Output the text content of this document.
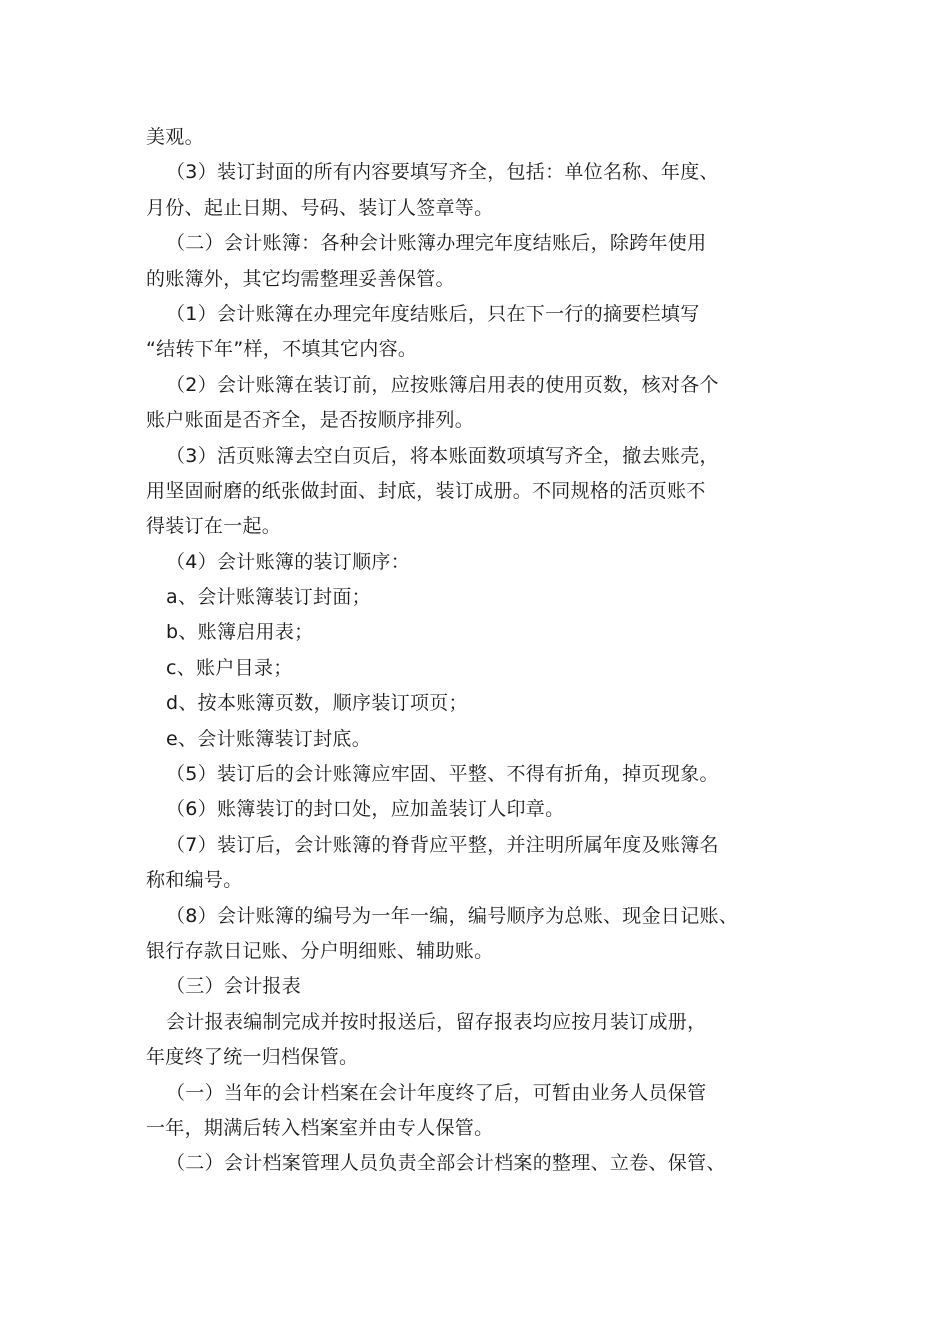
美观。
（3）装订封面的所有内容要填写齐全，包括：单位名称、年度、
月份、起止日期、号码、装订人签章等。
（二）会计账簿：各种会计账簿办理完年度结账后，除跨年使用
的账簿外，其它均需整理妥善保管。
（1）会计账簿在办理完年度结账后，只在下一行的摘要栏填写
“结转下年”样，不填其它内容。
（2）会计账簿在装订前，应按账簿启用表的使用页数，核对各个
账户账面是否齐全，是否按顺序排列。
（3）活页账簿去空白页后，将本账面数项填写齐全，撤去账壳，
用坚固耐磨的纸张做封面、封底，装订成册。不同规格的活页账不
得装订在一起。
（4）会计账簿的装订顺序：
a、会计账簿装订封面；
b、账簿启用表；
c、账户目录；
d、按本账簿页数，顺序装订项页；
e、会计账簿装订封底。
（5）装订后的会计账簿应牢固、平整、不得有折角，掉页现象。
（6）账簿装订的封口处，应加盖装订人印章。
（7）装订后，会计账簿的脊背应平整，并注明所属年度及账簿名
称和编号。
（8）会计账簿的编号为一年一编，编号顺序为总账、现金日记账、
银行存款日记账、分户明细账、辅助账。
（三）会计报表
会计报表编制完成并按时报送后，留存报表均应按月装订成册，
年度终了统一归档保管。
（一）当年的会计档案在会计年度终了后，可暂由业务人员保管
一年，期满后转入档案室并由专人保管。
（二）会计档案管理人员负责全部会计档案的整理、立卷、保管、
